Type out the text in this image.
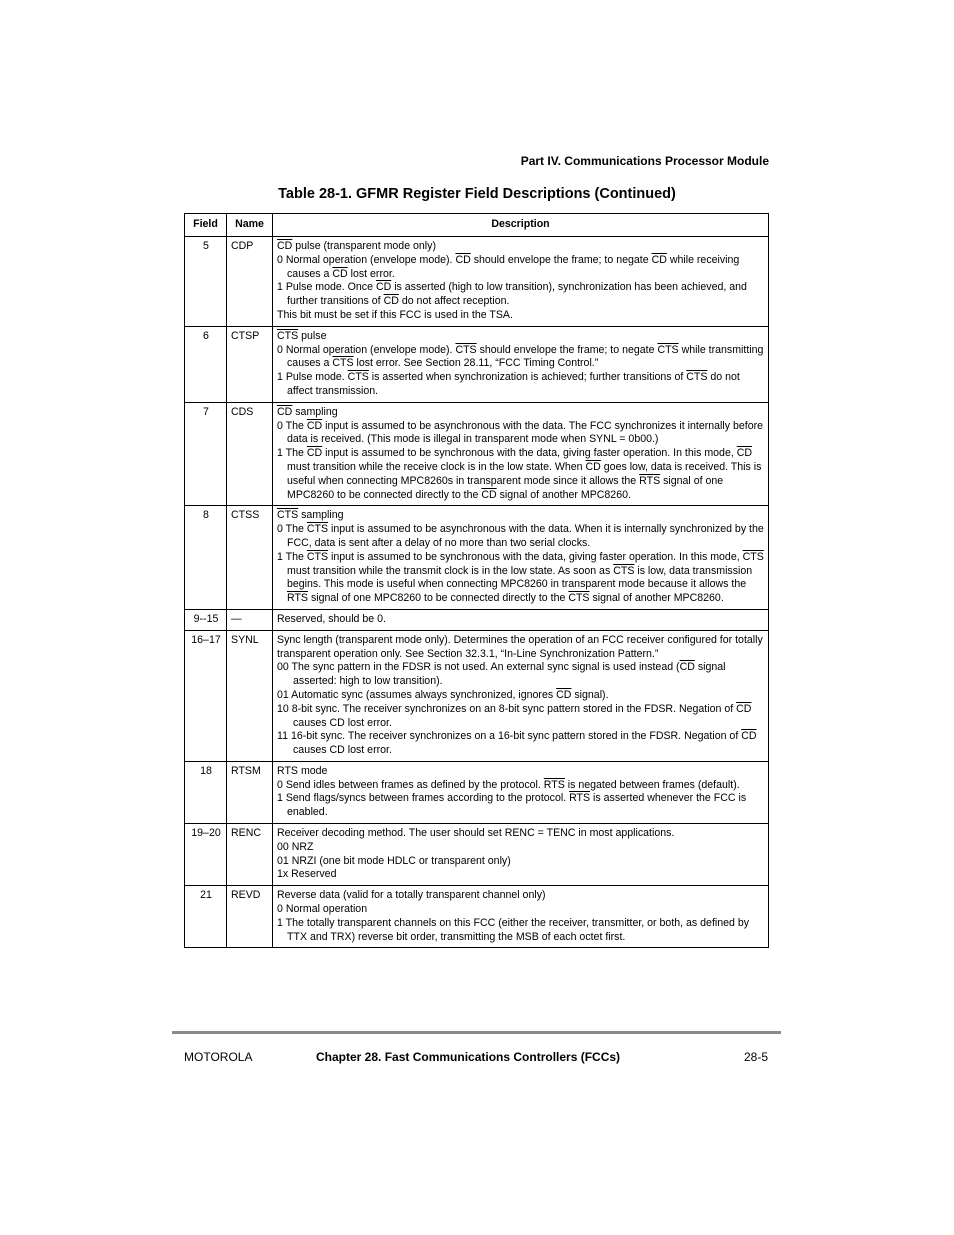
Part IV. Communications Processor Module
Table 28-1. GFMR Register Field Descriptions (Continued)
Field	Name	Description
5	CDP	$\overline{CD}$ pulse (transparent mode only)
0 Normal operation (envelope mode). $\overline{CD}$ should envelope the frame; to negate $\overline{CD}$ while receiving causes a $\overline{CD}$ lost error.
1 Pulse mode. Once $\overline{CD}$ is asserted (high to low transition), synchronization has been achieved, and further transitions of $\overline{CD}$ do not affect reception.
This bit must be set if this FCC is used in the TSA.

6	CTSP	$\overline{CTS}$ pulse
0 Normal operation (envelope mode). $\overline{CTS}$ should envelope the frame; to negate $\overline{CTS}$ while transmitting causes a $\overline{CTS}$ lost error. See Section 28.11, “FCC Timing Control.”
1 Pulse mode. $\overline{CTS}$ is asserted when synchronization is achieved; further transitions of $\overline{CTS}$ do not affect transmission.

7	CDS	$\overline{CD}$ sampling
0 The $\overline{CD}$ input is assumed to be asynchronous with the data. The FCC synchronizes it internally before data is received. (This mode is illegal in transparent mode when SYNL = 0b00.)
1 The $\overline{CD}$ input is assumed to be synchronous with the data, giving faster operation. In this mode, $\overline{CD}$ must transition while the receive clock is in the low state. When $\overline{CD}$ goes low, data is received. This is useful when connecting MPC8260s in transparent mode since it allows the $\overline{RTS}$ signal of one MPC8260 to be connected directly to the $\overline{CD}$ signal of another MPC8260.

8	CTSS	$\overline{CTS}$ sampling
0 The $\overline{CTS}$ input is assumed to be asynchronous with the data. When it is internally synchronized by the FCC, data is sent after a delay of no more than two serial clocks.
1 The $\overline{CTS}$ input is assumed to be synchronous with the data, giving faster operation. In this mode, $\overline{CTS}$ must transition while the transmit clock is in the low state. As soon as $\overline{CTS}$ is low, data transmission begins. This mode is useful when connecting MPC8260 in transparent mode because it allows the $\overline{RTS}$ signal of one MPC8260 to be connected directly to the $\overline{CTS}$ signal of another MPC8260.

9--15	—	Reserved, should be 0.

16–17	SYNL	Sync length (transparent mode only). Determines the operation of an FCC receiver configured for totally transparent operation only. See Section 32.3.1, “In-Line Synchronization Pattern.”
00 The sync pattern in the FDSR is not used. An external sync signal is used instead ($\overline{CD}$ signal asserted: high to low transition).
01 Automatic sync (assumes always synchronized, ignores $\overline{CD}$ signal).
10 8-bit sync. The receiver synchronizes on an 8-bit sync pattern stored in the FDSR. Negation of $\overline{CD}$ causes CD lost error.
11 16-bit sync. The receiver synchronizes on a 16-bit sync pattern stored in the FDSR. Negation of $\overline{CD}$ causes CD lost error.

18	RTSM	RTS mode
0 Send idles between frames as defined by the protocol. $\overline{RTS}$ is negated between frames (default).
1 Send flags/syncs between frames according to the protocol. $\overline{RTS}$ is asserted whenever the FCC is enabled.

19–20	RENC	Receiver decoding method. The user should set RENC = TENC in most applications.
00 NRZ
01 NRZI (one bit mode HDLC or transparent only)
1x Reserved

21	REVD	Reverse data (valid for a totally transparent channel only)
0 Normal operation
1 The totally transparent channels on this FCC (either the receiver, transmitter, or both, as defined by TTX and TRX) reverse bit order, transmitting the MSB of each octet first.
MOTOROLA	Chapter 28. Fast Communications Controllers (FCCs)	28-5
